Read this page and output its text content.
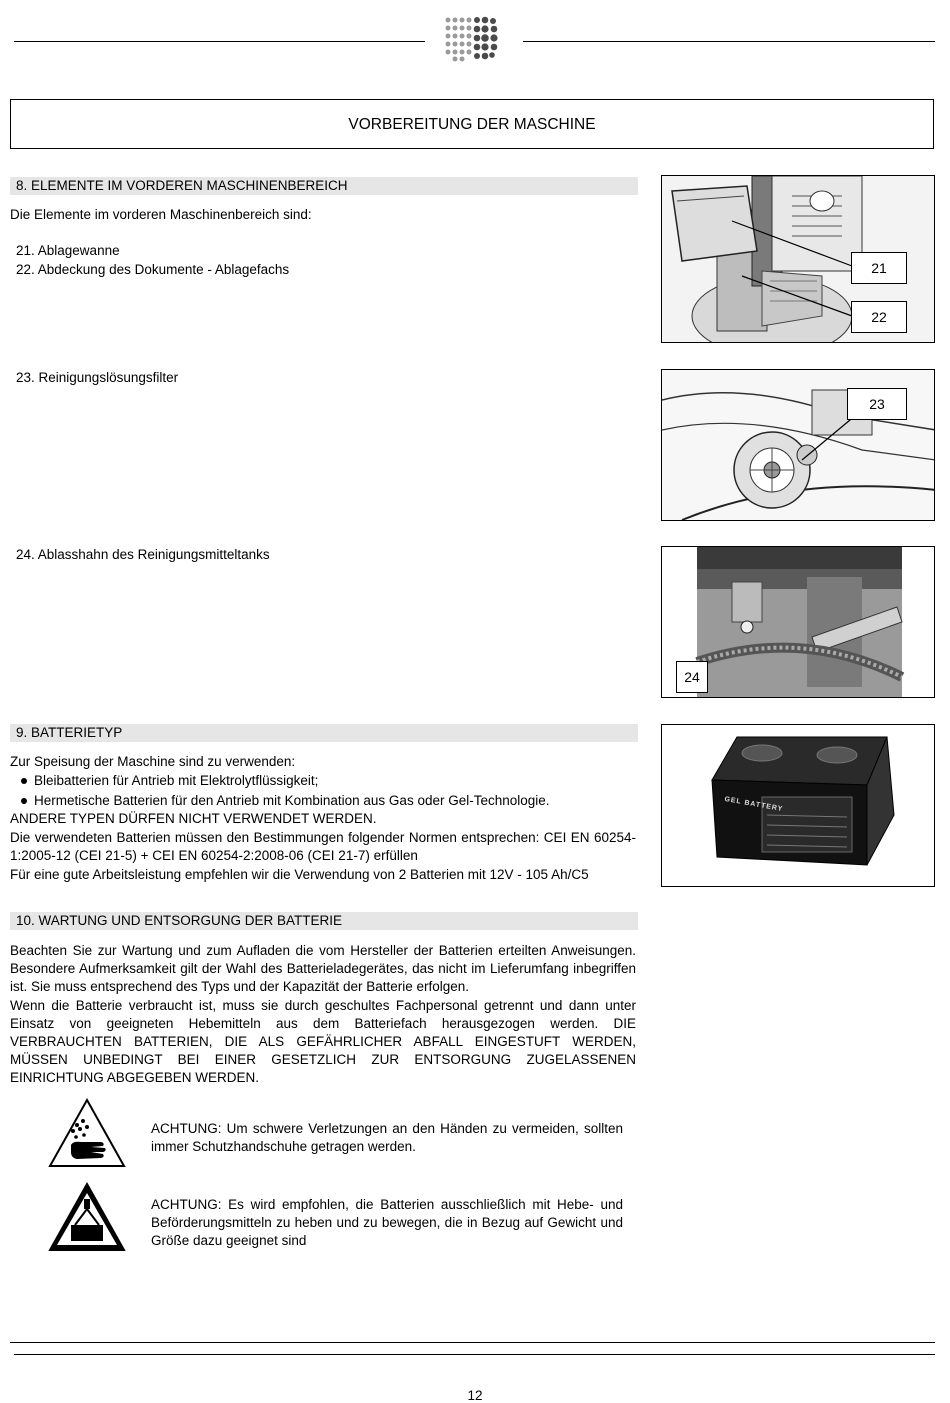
VORBEREITUNG DER MASCHINE
8. ELEMENTE IM VORDEREN MASCHINENBEREICH
Die Elemente im vorderen Maschinenbereich sind:
21. Ablagewanne
22. Abdeckung des Dokumente - Ablagefachs
23. Reinigungslösungsfilter
24. Ablasshahn des Reinigungsmitteltanks
21
22
23
24
9. BATTERIETYP
Zur Speisung der Maschine sind zu verwenden:
Bleibatterien für Antrieb mit Elektrolytflüssigkeit;
Hermetische Batterien für den Antrieb mit Kombination aus Gas oder Gel-Technologie.
ANDERE TYPEN DÜRFEN NICHT VERWENDET WERDEN.
Die verwendeten Batterien müssen den Bestimmungen folgender Normen entsprechen: CEI EN 60254-1:2005-12 (CEI 21-5) + CEI EN 60254-2:2008-06 (CEI 21-7) erfüllen
Für eine gute Arbeitsleistung empfehlen wir die Verwendung von 2 Batterien mit 12V - 105 Ah/C5
GEL BATTERY
10. WARTUNG UND ENTSORGUNG DER BATTERIE
Beachten Sie zur Wartung und zum Aufladen die vom Hersteller der Batterien erteilten Anweisungen. Besondere Aufmerksamkeit gilt der Wahl des Batterieladegerätes, das nicht im Lieferumfang inbegriffen ist. Sie muss entsprechend des Typs und der Kapazität der Batterie erfolgen.
Wenn die Batterie verbraucht ist, muss sie durch geschultes Fachpersonal getrennt und dann unter Einsatz von geeigneten Hebemitteln aus dem Batteriefach herausgezogen werden. DIE VERBRAUCHTEN BATTERIEN, DIE ALS GEFÄHRLICHER ABFALL EINGESTUFT WERDEN, MÜSSEN UNBEDINGT BEI EINER GESETZLICH ZUR ENTSORGUNG ZUGELASSENEN EINRICHTUNG ABGEGEBEN WERDEN.
ACHTUNG: Um schwere Verletzungen an den Händen zu vermeiden, sollten immer Schutzhandschuhe getragen werden.
ACHTUNG: Es wird empfohlen, die Batterien ausschließlich mit Hebe- und Beförderungsmitteln zu heben und zu bewegen, die in Bezug auf Gewicht und Größe dazu geeignet sind
12
